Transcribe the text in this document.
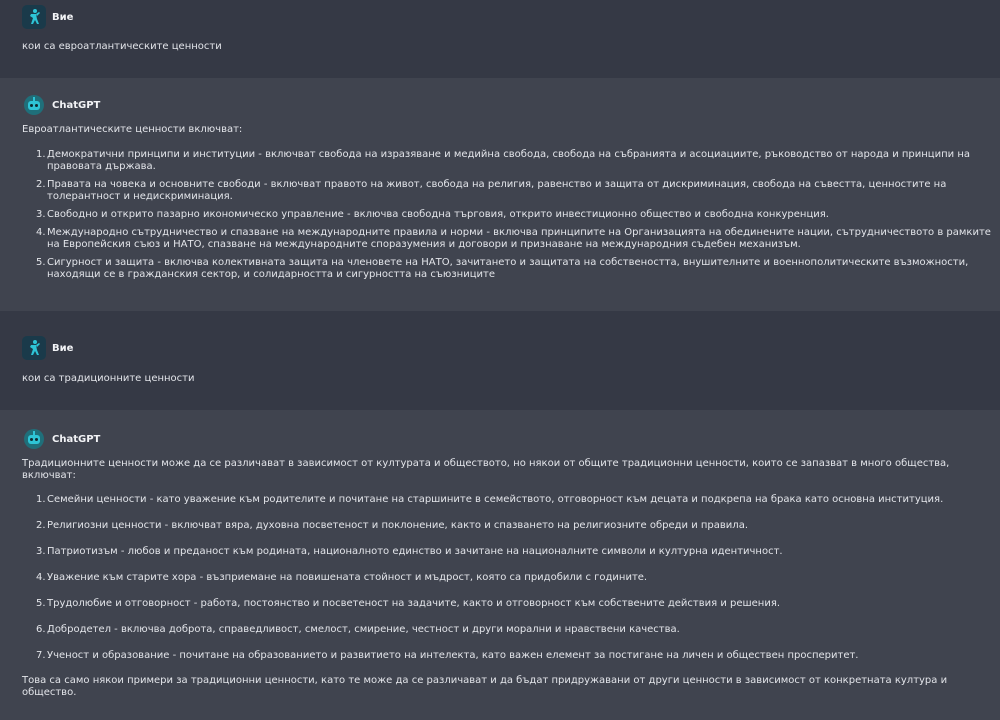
Вие
кои са евроатлантическите ценности
ChatGPT
Евроатлантическите ценности включват:
1. Демократични принципи и институции - включват свобода на изразяване и медийна свобода, свобода на събранията и асоциациите, ръководство от народа и принципи на правовата държава.
2. Правата на човека и основните свободи - включват правото на живот, свобода на религия, равенство и защита от дискриминация, свобода на съвестта, ценностите на толерантност и недискриминация.
3. Свободно и открито пазарно икономическо управление - включва свободна търговия, открито инвестиционно общество и свободна конкуренция.
4. Международно сътрудничество и спазване на международните правила и норми - включва принципите на Организацията на обединените нации, сътрудничеството в рамките на Европейския съюз и НАТО, спазване на международните споразумения и договори и признаване на международния съдебен механизъм.
5. Сигурност и защита - включва колективната защита на членовете на НАТО, зачитането и защитата на собствеността, внушителните и военнополитическите възможности, находящи се в гражданския сектор, и солидарността и сигурността на съюзниците
Вие
кои са традиционните ценности
ChatGPT
Традиционните ценности може да се различават в зависимост от културата и обществото, но някои от общите традиционни ценности, които се запазват в много общества, включват:
1. Семейни ценности - като уважение към родителите и почитане на старшините в семейството, отговорност към децата и подкрепа на брака като основна институция.
2. Религиозни ценности - включват вяра, духовна посветеност и поклонение, както и спазването на религиозните обреди и правила.
3. Патриотизъм - любов и преданост към родината, националното единство и зачитане на националните символи и културна идентичност.
4. Уважение към старите хора - възприемане на повишената стойност и мъдрост, която са придобили с годините.
5. Трудолюбие и отговорност - работа, постоянство и посветеност на задачите, както и отговорност към собствените действия и решения.
6. Добродетел - включва доброта, справедливост, смелост, смирение, честност и други морални и нравствени качества.
7. Ученост и образование - почитане на образованието и развитието на интелекта, като важен елемент за постигане на личен и обществен просперитет.
Това са само някои примери за традиционни ценности, като те може да се различават и да бъдат придружавани от други ценности в зависимост от конкретната култура и общество.
